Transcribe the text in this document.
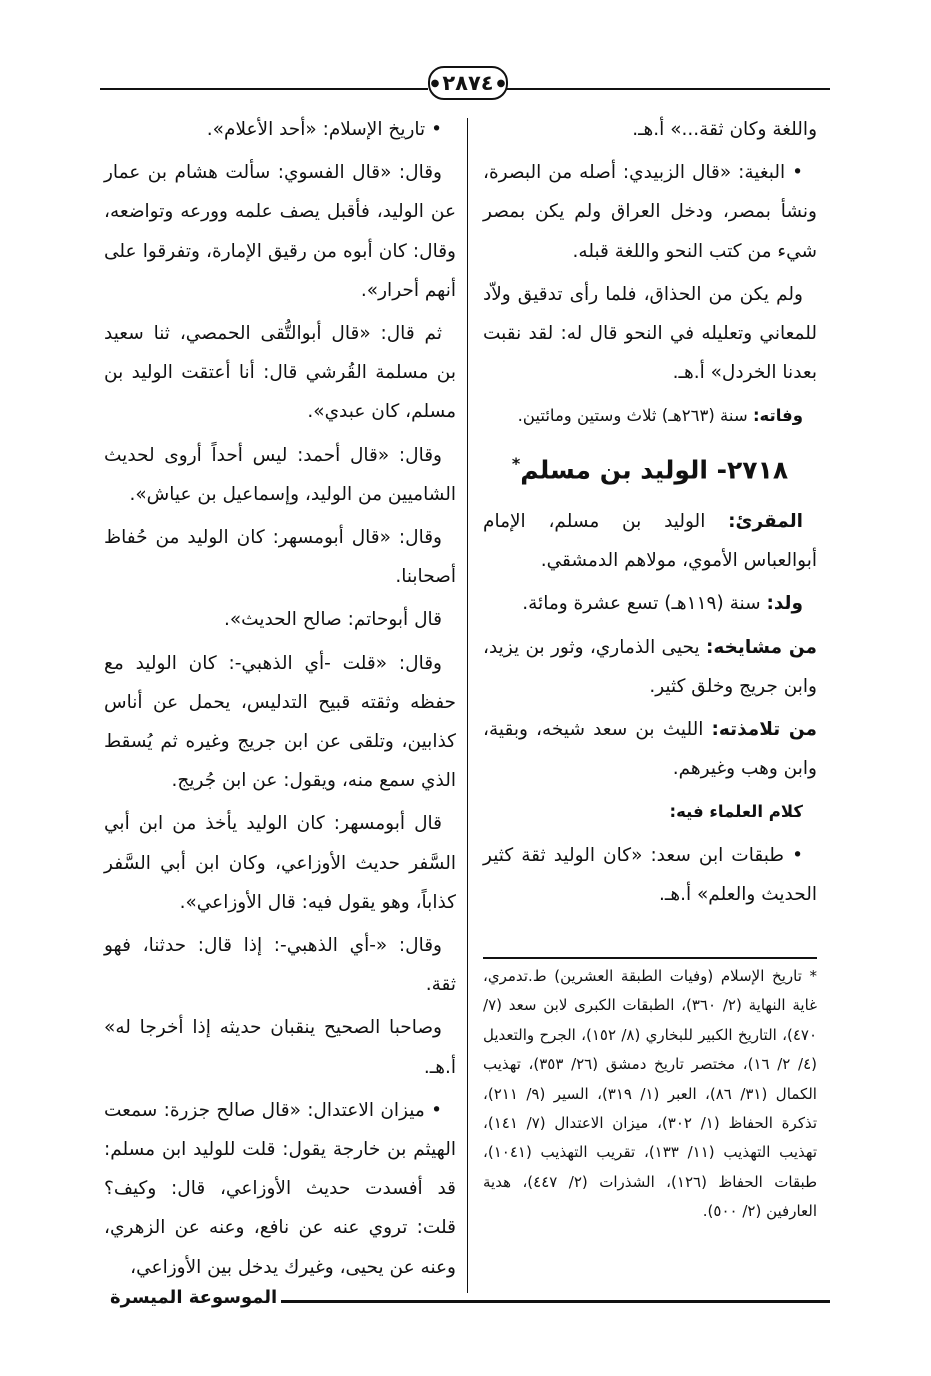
●
٢٨٧٤
●

واللغة وكان ثقة...» أ.هـ.

• البغية: «قال الزبيدي: أصله من البصرة، ونشأ بمصر، ودخل العراق ولم يكن بمصر شيء من كتب النحو واللغة قبله.

ولم يكن من الحذاق، فلما رأى تدقيق ولاّد للمعاني وتعليله في النحو قال له: لقد نقبت بعدنا الخردل» أ.هـ.

وفاته: سنة (٢٦٣هـ) ثلاث وستين ومائتين.

٢٧١٨- الوليد بن مسلم*

المقرئ: الوليد بن مسلم، الإمام أبوالعباس الأموي، مولاهم الدمشقي.

ولد: سنة (١١٩هـ) تسع عشرة ومائة.

من مشايخه: يحيى الذماري، وثور بن يزيد، وابن جريج وخلق كثير.

من تلامذته: الليث بن سعد شيخه، وبقية، وابن وهب وغيرهم.

كلام العلماء فيه:

• طبقات ابن سعد: «كان الوليد ثقة كثير الحديث والعلم» أ.هـ.

* تاريخ الإسلام (وفيات الطبقة العشرين) ط.تدمري، غاية النهاية (٢/ ٣٦٠)، الطبقات الكبرى لابن سعد (٧/ ٤٧٠)، التاريخ الكبير للبخاري (٨/ ١٥٢)، الجرح والتعديل (٤/ ٢/ ١٦)، مختصر تاريخ دمشق (٢٦/ ٣٥٣)، تهذيب الكمال (٣١/ ٨٦)، العبر (١/ ٣١٩)، السير (٩/ ٢١١)، تذكرة الحفاظ (١/ ٣٠٢)، ميزان الاعتدال (٧/ ١٤١)، تهذيب التهذيب (١١/ ١٣٣)، تقريب التهذيب (١٠٤١)، طبقات الحفاظ (١٢٦)، الشذرات (٢/ ٤٤٧)، هدية العارفين (٢/ ٥٠٠).

• تاريخ الإسلام: «أحد الأعلام».

وقال: «قال الفسوي: سألت هشام بن عمار عن الوليد، فأقبل يصف علمه وورعه وتواضعه، وقال: كان أبوه من رقيق الإمارة، وتفرقوا على أنهم أحرار».

ثم قال: «قال أبوالتُّقى الحمصي، ثنا سعيد بن مسلمة القُرشي قال: أنا أعتقت الوليد بن مسلم، كان عبدي».

وقال: «قال أحمد: ليس أحداً أروى لحديث الشاميين من الوليد، وإسماعيل بن عياش».

وقال: «قال أبومسهر: كان الوليد من حُفاظ أصحابنا.

قال أبوحاتم: صالح الحديث».

وقال: «قلت -أي الذهبي-: كان الوليد مع حفظه وثقته قبيح التدليس، يحمل عن أناس كذابين، وتلقى عن ابن جريج وغيره ثم يُسقط الذي سمع منه، ويقول: عن ابن جُريج.

قال أبومسهر: كان الوليد يأخذ من ابن أبي السَّفر حديث الأوزاعي، وكان ابن أبي السَّفر كذاباً، وهو يقول فيه: قال الأوزاعي».

وقال: «-أي الذهبي-: إذا قال: حدثنا، فهو ثقة.

وصاحبا الصحيح ينقبان حديثه إذا أخرجا له» أ.هـ.

• ميزان الاعتدال: «قال صالح جزرة: سمعت الهيثم بن خارجة يقول: قلت للوليد ابن مسلم: قد أفسدت حديث الأوزاعي، قال: وكيف؟ قلت: تروي عنه عن نافع، وعنه عن الزهري، وعنه عن يحيى، وغيرك يدخل بين الأوزاعي،

الموسوعة الميسرة
